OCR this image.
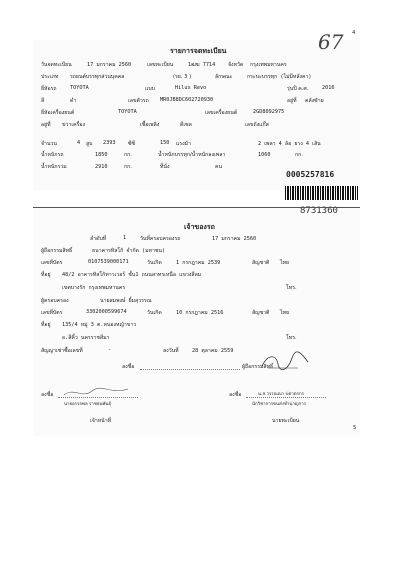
67 4
รายการจดทะเบียน
วันจดทะเบียน	17 มกราคม 2560	เลขทะเบียน	1ฒฆ 7714 จังหวัด กรุงเทพมหานคร
ประเภท รถยนต์บรรทุกส่วนบุคคล	(รย. 3 )	ลักษณะ	กระบะบรรทุก (ไม่มีหลังคา)
ยี่ห้อรถ	TOYOTA	แบบ	Hilux Revo	รุ่นปี ค.ศ.	2016
สี	ดำ	เลขตัวรถ MR0JB8DC602720930	อยู่ที่ คลังซ้าย
ยี่ห้อเครื่องยนต์	TOYOTA	เลขเครื่องยนต์	2GD8092975
อยู่ที่ ขวาเครื่อง	เชื้อเพลิง	ดีเซล	เลขถังแก๊ส
จำนวน	4 สูบ 2393 ซีซี	150 แรงม้า	2 เพลา 4 ล้อ ยาง 4 เส้น
น้ำหนักรถ	1850	กก.	น้ำหนักบรรทุก/น้ำหนักลงเพลา	1060	กก.
น้ำหนักรวม	2910	กก.	ที่นั่ง	คน
0005257816
8731360
เจ้าของรถ
ลำดับที่	1	วันที่ครอบครองรถ	17 มกราคม 2560
ผู้ถือกรรมสิทธิ์	ธนาคารทิสโก้ จำกัด (มหาชน)
เลขที่บัตร	0107539000171	วันเกิด	1 กรกฎาคม 2539	สัญชาติ ไทย
ที่อยู่ 48/2 อาคารทิสโก้ทาวเวอร์ ชั้น1 ถนนสาทรเหนือ แขวงสีลม
เขตบางรัก กรุงเทพมหานคร	โทร.
ผู้ครอบครอง	นายสมพงษ์ ยิ้มสุวรรณ
เลขที่บัตร	3302000599674	วันเกิด	10 กรกฎาคม 2516	สัญชาติ ไทย
ที่อยู่ 135/4 หมู่ 3 ต.หนองหญ้าขาว
อ.สีคิ้ว นครราชสีมา	โทร.
สัญญาเช่าซื้อเลขที่	-	ลงวันที่	28 ตุลาคม 2559
ลงชื่อ	ผู้ถือกรรมสิทธิ์
ลงชื่อ
นายอรรถพล ราชธนพันธุ์
เจ้าหน้าที่
ลงชื่อ	น.ส.วรรณณา บ่ดาตรกร
นักวิชาการขนส่งชำนาญการ
นายทะเบียน
5
